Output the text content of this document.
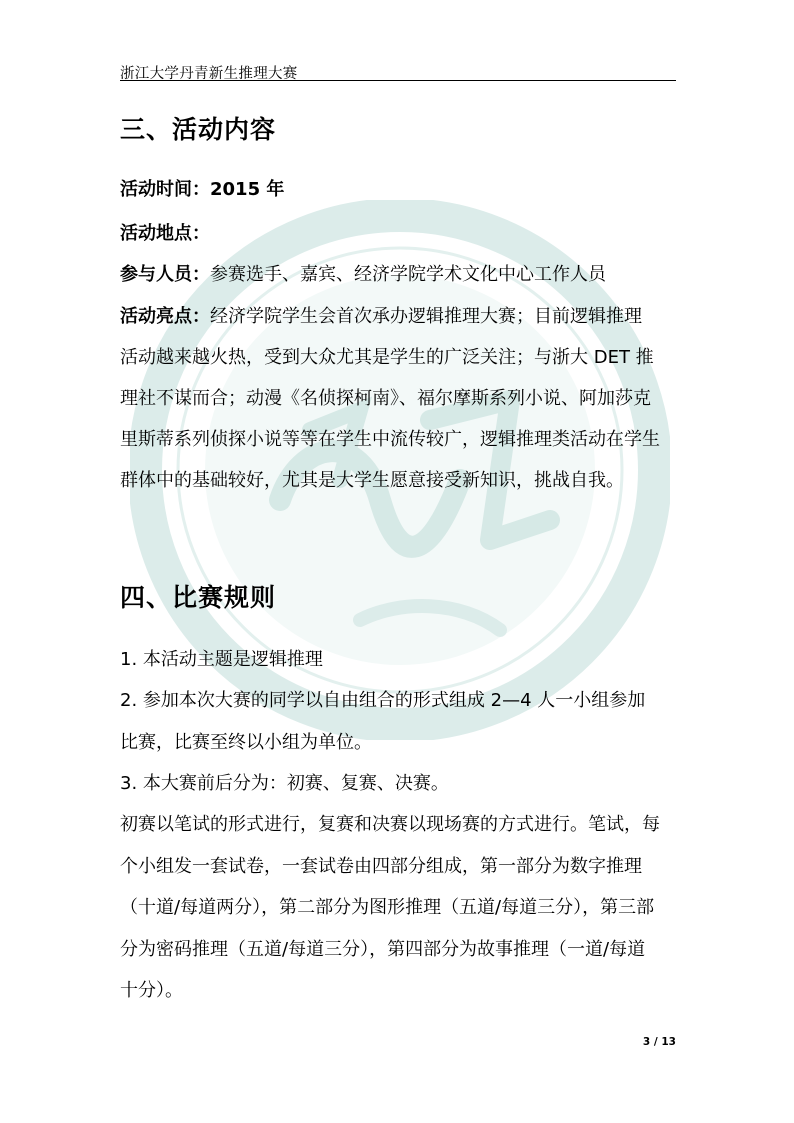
浙江大学丹青新生推理大赛
三、活动内容
活动时间：2015 年
活动地点：
参与人员：参赛选手、嘉宾、经济学院学术文化中心工作人员
活动亮点：经济学院学生会首次承办逻辑推理大赛；目前逻辑推理
活动越来越火热，受到大众尤其是学生的广泛关注；与浙大 DET 推
理社不谋而合；动漫《名侦探柯南》、福尔摩斯系列小说、阿加莎克
里斯蒂系列侦探小说等等在学生中流传较广，逻辑推理类活动在学生
群体中的基础较好，尤其是大学生愿意接受新知识，挑战自我。
四、比赛规则
1. 本活动主题是逻辑推理
2. 参加本次大赛的同学以自由组合的形式组成 2—4 人一小组参加
比赛，比赛至终以小组为单位。
3. 本大赛前后分为：初赛、复赛、决赛。
初赛以笔试的形式进行，复赛和决赛以现场赛的方式进行。笔试，每
个小组发一套试卷，一套试卷由四部分组成，第一部分为数字推理
（十道/每道两分），第二部分为图形推理（五道/每道三分），第三部
分为密码推理（五道/每道三分），第四部分为故事推理（一道/每道
十分）。
3 / 13
